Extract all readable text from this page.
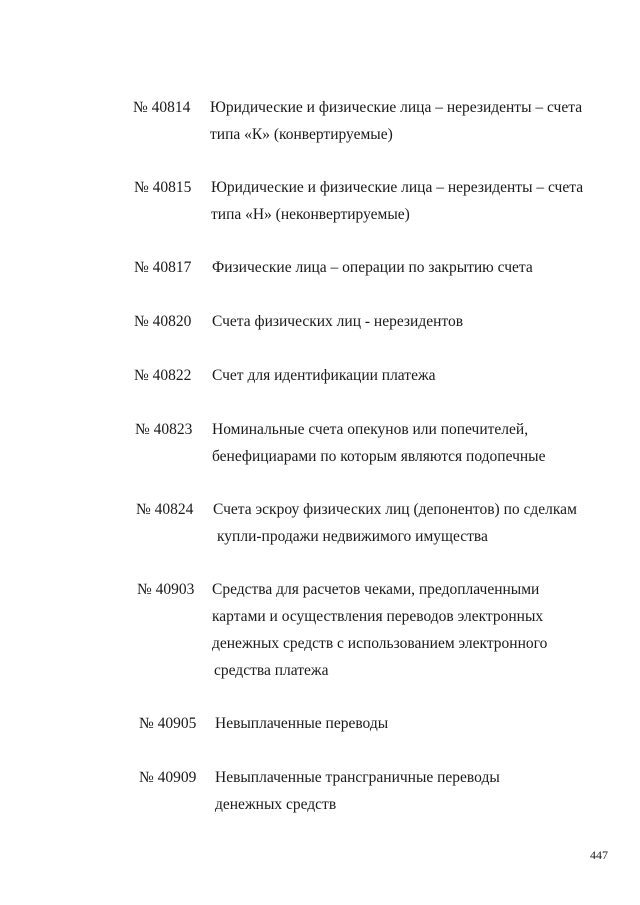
№ 40814 Юридические и физические лица – нерезиденты – счета
типа «К» (конвертируемые)
№ 40815 Юридические и физические лица – нерезиденты – счета
типа «Н» (неконвертируемые)
№ 40817 Физические лица – операции по закрытию счета
№ 40820 Счета физических лиц - нерезидентов
№ 40822 Счет для идентификации платежа
№ 40823 Номинальные счета опекунов или попечителей,
бенефициарами по которым являются подопечные
№ 40824 Счета эскроу физических лиц (депонентов) по сделкам
купли-продажи недвижимого имущества
№ 40903 Средства для расчетов чеками, предоплаченными
картами и осуществления переводов электронных
денежных средств с использованием электронного
средства платежа
№ 40905 Невыплаченные переводы
№ 40909 Невыплаченные трансграничные переводы
денежных средств
447
